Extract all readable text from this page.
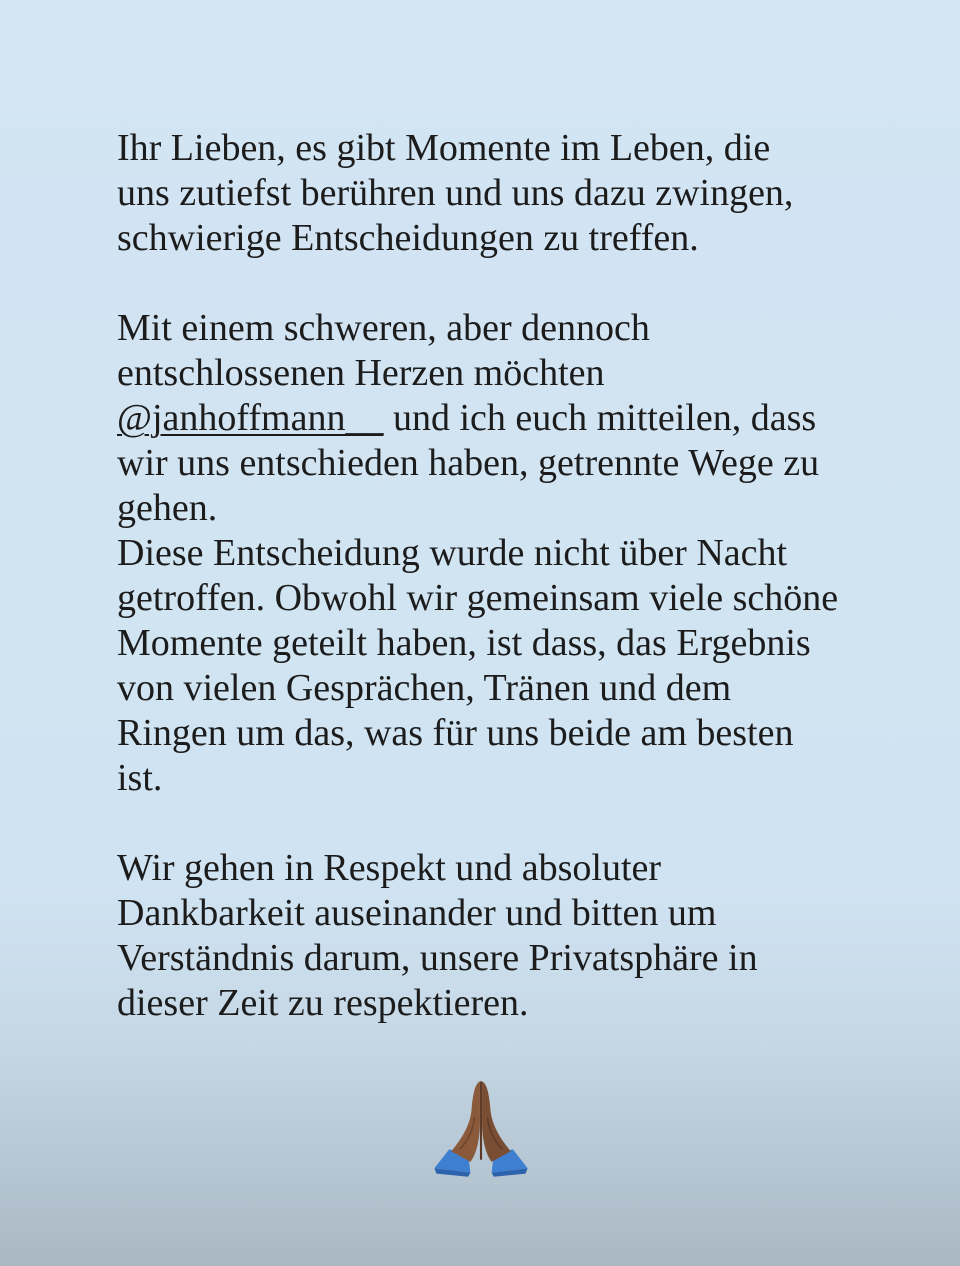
Ihr Lieben, es gibt Momente im Leben, die
uns zutiefst berühren und uns dazu zwingen,
schwierige Entscheidungen zu treffen.

Mit einem schweren, aber dennoch
entschlossenen Herzen möchten
@janhoffmann__ und ich euch mitteilen, dass
wir uns entschieden haben, getrennte Wege zu
gehen.

Diese Entscheidung wurde nicht über Nacht
getroffen. Obwohl wir gemeinsam viele schöne
Momente geteilt haben, ist dass, das Ergebnis
von vielen Gesprächen, Tränen und dem
Ringen um das, was für uns beide am besten
ist.

Wir gehen in Respekt und absoluter
Dankbarkeit auseinander und bitten um
Verständnis darum, unsere Privatsphäre in
dieser Zeit zu respektieren.
